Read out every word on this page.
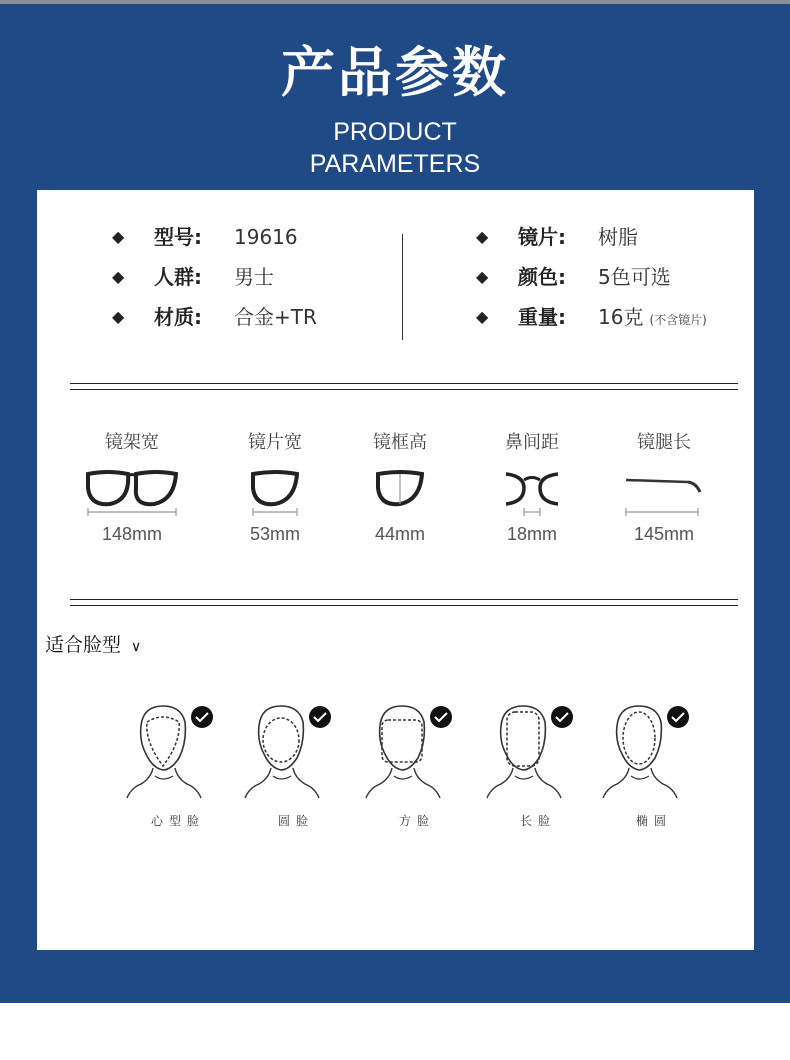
产品参数
PRODUCT
PARAMETERS
◆ 型号: 19616
◆ 人群: 男士
◆ 材质: 合金+TR
◆ 镜片: 树脂
◆ 颜色: 5色可选
◆ 重量: 16克 (不含镜片)
镜架宽
148mm
镜片宽
53mm
镜框高
44mm
鼻间距
18mm
镜腿长
145mm
适合脸型 ∨
心型脸	圆脸	方脸	长脸	椭圆
